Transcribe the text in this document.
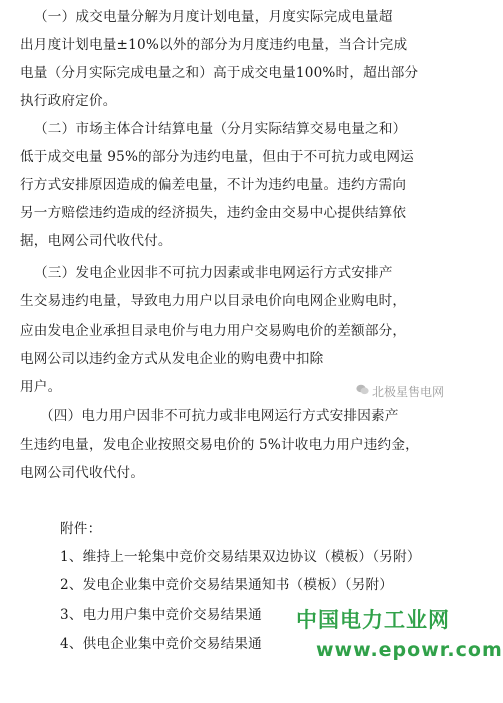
（一）成交电量分解为月度计划电量，月度实际完成电量超
出月度计划电量±10%以外的部分为月度违约电量，当合计完成
电量（分月实际完成电量之和）高于成交电量100%时，超出部分
执行政府定价。
（二）市场主体合计结算电量（分月实际结算交易电量之和）
低于成交电量 95%的部分为违约电量，但由于不可抗力或电网运
行方式安排原因造成的偏差电量，不计为违约电量。违约方需向
另一方赔偿违约造成的经济损失，违约金由交易中心提供结算依
据，电网公司代收代付。
（三）发电企业因非不可抗力因素或非电网运行方式安排产
生交易违约电量，导致电力用户以目录电价向电网企业购电时，
应由发电企业承担目录电价与电力用户交易购电价的差额部分，
电网公司以违约金方式从发电企业的购电费中扣除
用户。
（四）电力用户因非不可抗力或非电网运行方式安排因素产
生违约电量，发电企业按照交易电价的 5%计收电力用户违约金，
电网公司代收代付。
附件：
1、维持上一轮集中竞价交易结果双边协议（模板）（另附）
2、发电企业集中竞价交易结果通知书（模板）（另附）
3、电力用户集中竞价交易结果通
4、供电企业集中竞价交易结果通
北极星售电网
中国电力工业网
www.epowr.com
